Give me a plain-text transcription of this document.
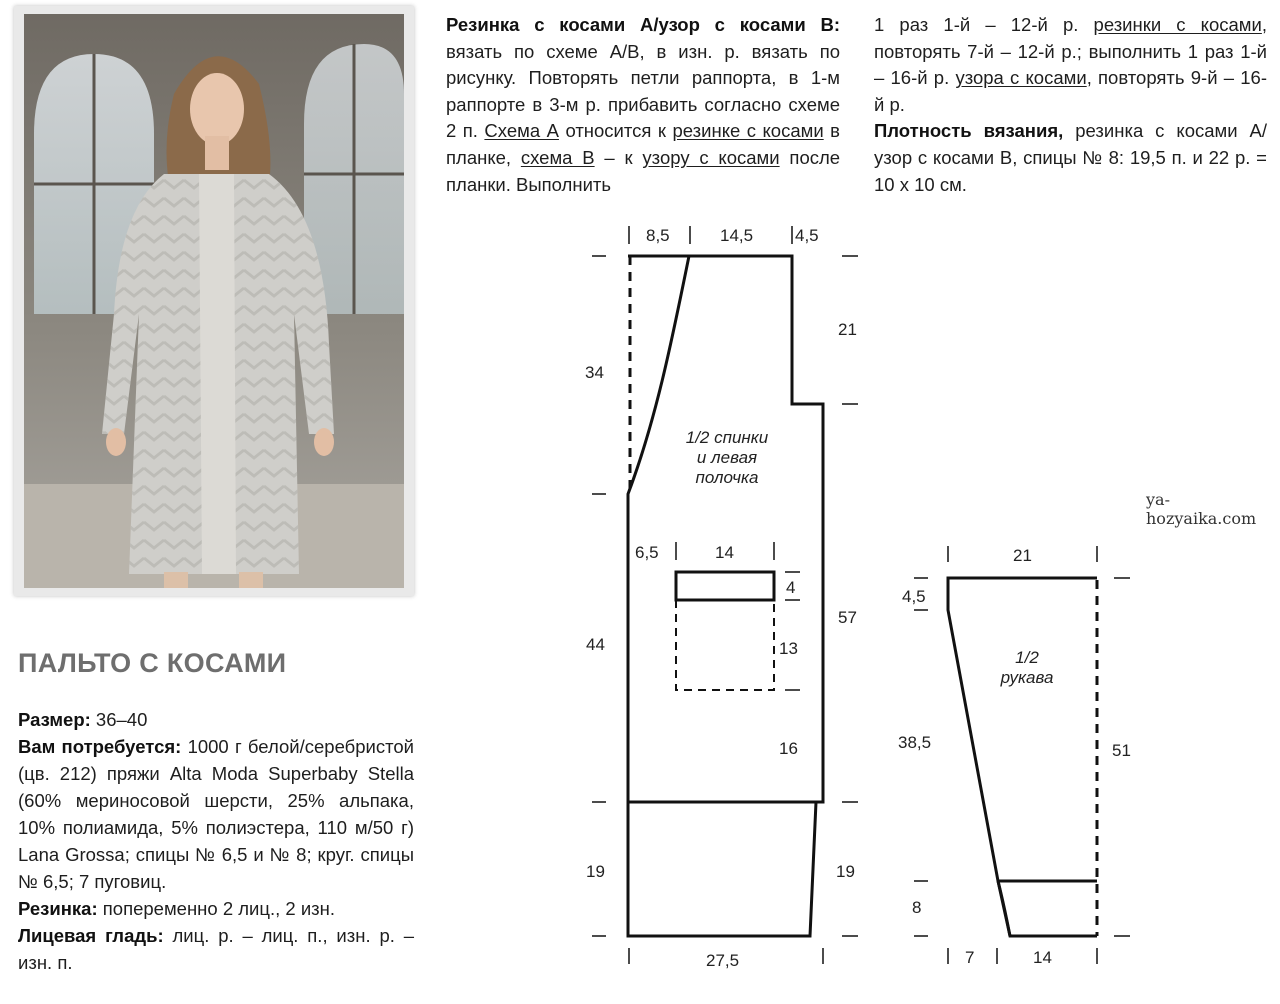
ПАЛЬТО С КОСАМИ
Размер: 36–40
Вам потребуется: 1000 г белой/серебристой (цв. 212) пряжи Alta Moda Superbaby Stella (60% мериносовой шерсти, 25% альпака, 10% полиамида, 5% полиэстера, 110 м/50 г) Lana Grossa; спицы № 6,5 и № 8; круг. спицы № 6,5; 7 пуговиц.
Резинка: попеременно 2 лиц., 2 изн.
Лицевая гладь: лиц. р. – лиц. п., изн. р. – изн. п.
Резинка с косами А/узор с косами В: вязать по схеме А/В, в изн. р. вязать по рисунку. Повторять петли раппорта, в 1-м раппорте в 3-м р. прибавить согласно схеме 2 п. Схема А относится к резинке с косами в планке, схема В – к узору с косами после планки. Выполнить
1 раз 1-й – 12-й р. резинки с косами, повторять 7-й – 12-й р.; выполнить 1 раз 1-й – 16-й р. узора с косами, повторять 9-й – 16-й р.
Плотность вязания, резинка с косами А/узор с косами В, спицы № 8: 19,5 п. и 22 р. = 10 x 10 см.
ya-hozyaika.com
8,5	14,5 4,5
34
44
19
21
57
19
27,5
6,5	14
4
13
16
1/2 спинки
и левая
полочка
21
4,5
38,5
8
51
7	14
1/2
рукава
